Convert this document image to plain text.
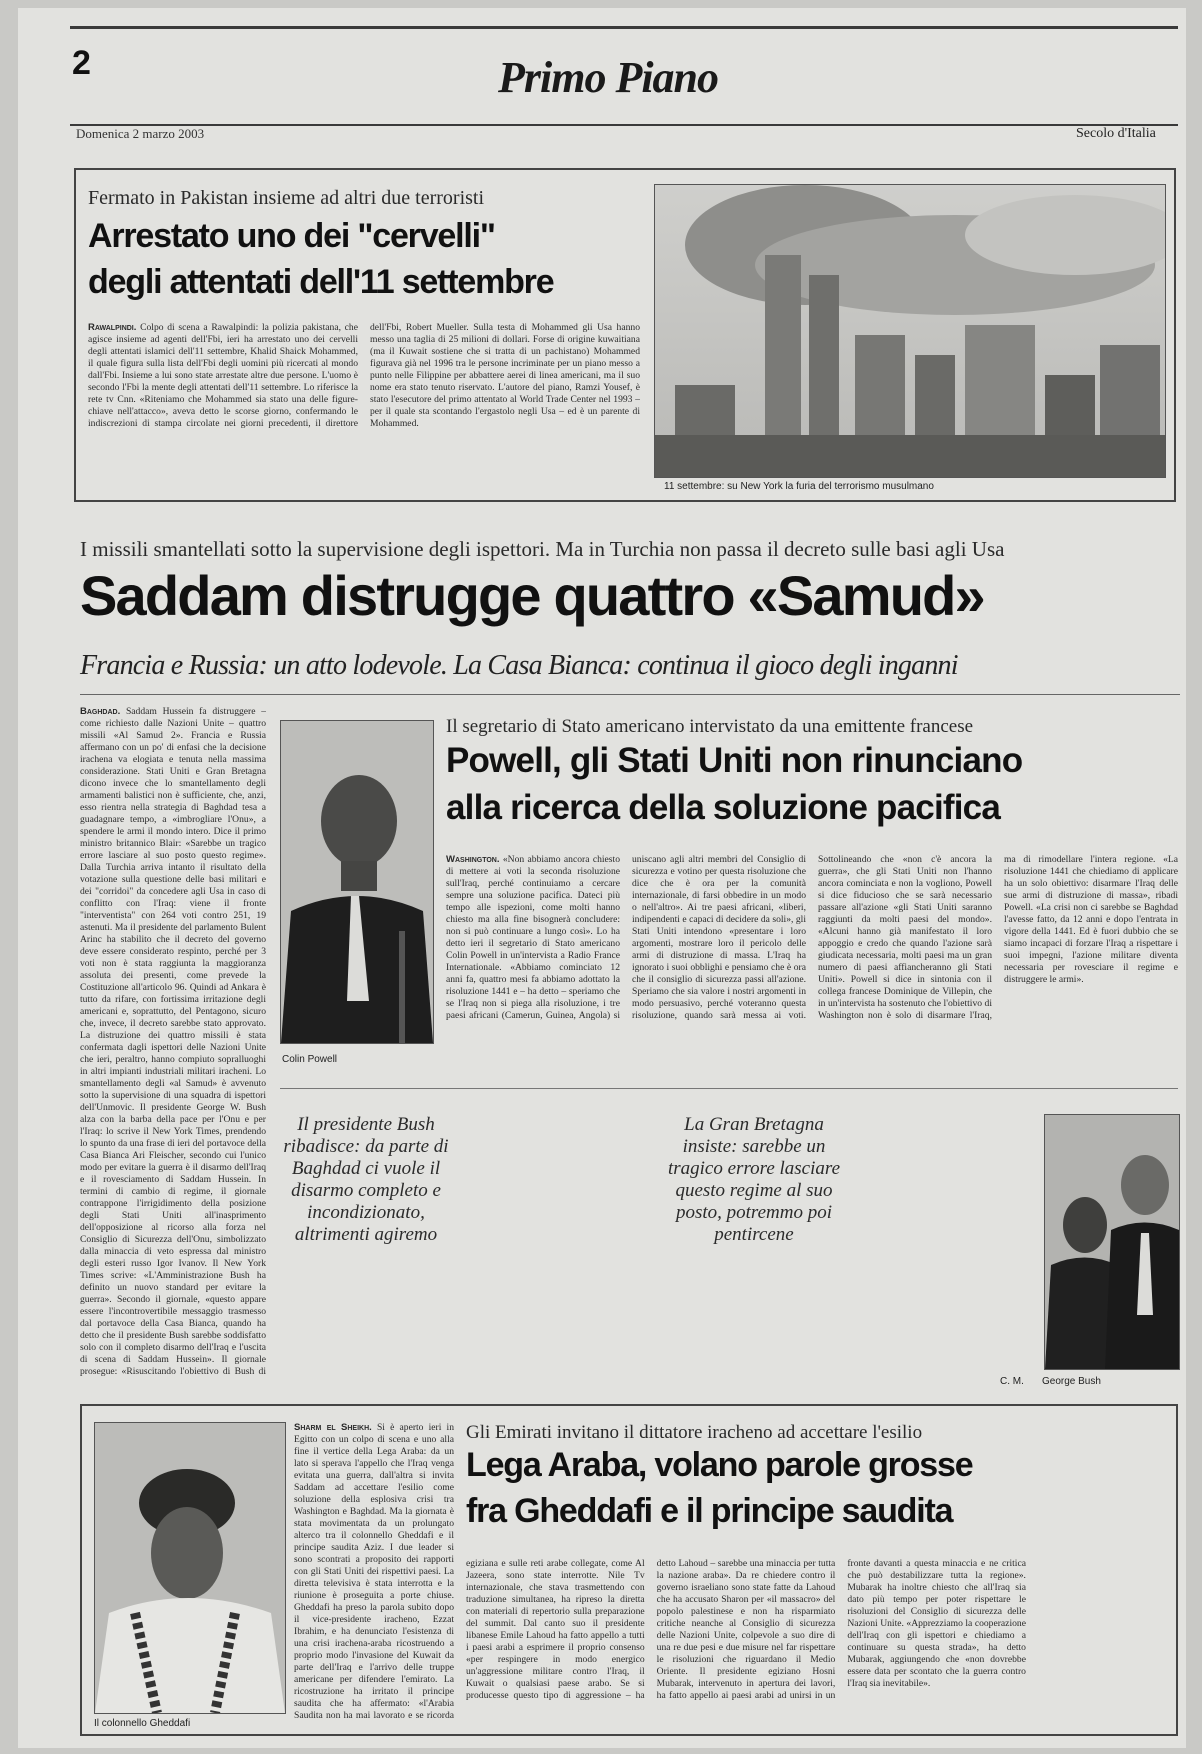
2	Primo Piano
Domenica 2 marzo 2003	Secolo d'Italia
Fermato in Pakistan insieme ad altri due terroristi
Arrestato uno dei "cervelli"
degli attentati dell'11 settembre
Rawalpindi. Colpo di scena a Rawalpindi: la polizia pakistana, che agisce insieme ad agenti dell'Fbi, ieri ha arrestato uno dei cervelli degli attentati islamici dell'11 settembre, Khalid Shaick Mohammed, il quale figura sulla lista dell'Fbi degli uomini più ricercati al mondo dall'Fbi. Insieme a lui sono state arrestate altre due persone. L'uomo è secondo l'Fbi la mente degli attentati dell'11 settembre. Lo riferisce la rete tv Cnn. «Riteniamo che Mohammed sia stato una delle figure-chiave nell'attacco», aveva detto le scorse giorno, confermando le indiscrezioni di stampa circolate nei giorni precedenti, il direttore dell'Fbi, Robert Mueller. Sulla testa di Mohammed gli Usa hanno messo una taglia di 25 milioni di dollari. Forse di origine kuwaitiana (ma il Kuwait sostiene che si tratta di un pachistano) Mohammed figurava già nel 1996 tra le persone incriminate per un piano messo a punto nelle Filippine per abbattere aerei di linea americani, ma il suo nome era stato tenuto riservato. L'autore del piano, Ramzi Yousef, è stato l'esecutore del primo attentato al World Trade Center nel 1993 – per il quale sta scontando l'ergastolo negli Usa – ed è un parente di Mohammed.
11 settembre: su New York la furia del terrorismo musulmano
I missili smantellati sotto la supervisione degli ispettori. Ma in Turchia non passa il decreto sulle basi agli Usa
Saddam distrugge quattro «Samud»
Francia e Russia: un atto lodevole. La Casa Bianca: continua il gioco degli inganni
Baghdad. Saddam Hussein fa distruggere – come richiesto dalle Nazioni Unite – quattro missili «Al Samud 2». Francia e Russia affermano con un po' di enfasi che la decisione irachena va elogiata e tenuta nella massima considerazione. Stati Uniti e Gran Bretagna dicono invece che lo smantellamento degli armamenti balistici non è sufficiente, che, anzi, esso rientra nella strategia di Baghdad tesa a guadagnare tempo, a «imbrogliare l'Onu», a spendere le armi il mondo intero. Dice il primo ministro britannico Blair: «Sarebbe un tragico errore lasciare al suo posto questo regime». Dalla Turchia arriva intanto il risultato della votazione sulla questione delle basi militari e dei "corridoi" da concedere agli Usa in caso di conflitto con l'Iraq: viene il fronte "interventista" con 264 voti contro 251, 19 astenuti. Ma il presidente del parlamento Bulent Arinc ha stabilito che il decreto del governo deve essere considerato respinto, perché per 3 voti non è stata raggiunta la maggioranza assoluta dei presenti, come prevede la Costituzione all'articolo 96. Quindi ad Ankara è tutto da rifare, con fortissima irritazione degli americani e, soprattutto, del Pentagono, sicuro che, invece, il decreto sarebbe stato approvato. La distruzione dei quattro missili è stata confermata dagli ispettori delle Nazioni Unite che ieri, peraltro, hanno compiuto sopralluoghi in altri impianti industriali militari iracheni. Lo smantellamento degli «al Samud» è avvenuto sotto la supervisione di una squadra di ispettori dell'Unmovic. Il presidente George W. Bush alza con la barba della pace per l'Onu e per l'Iraq: lo scrive il New York Times, prendendo lo spunto da una frase di ieri del portavoce della Casa Bianca Ari Fleischer, secondo cui l'unico modo per evitare la guerra è il disarmo dell'Iraq e il rovesciamento di Saddam Hussein. In termini di cambio di regime, il giornale contrappone l'irrigidimento della posizione degli Stati Uniti all'inasprimento dell'opposizione al ricorso alla forza nel Consiglio di Sicurezza dell'Onu, simbolizzato dalla minaccia di veto espressa dal ministro degli esteri russo Igor Ivanov. Il New York Times scrive: «L'Amministrazione Bush ha definito un nuovo standard per evitare la guerra». Secondo il giornale, «questo appare essere l'incontrovertibile messaggio trasmesso dal portavoce della Casa Bianca, quando ha detto che il presidente Bush sarebbe soddisfatto solo con il completo disarmo dell'Iraq e l'uscita di scena di Saddam Hussein». Il giornale prosegue: «Risuscitando l'obiettivo di Bush di
Colin Powell
Il segretario di Stato americano intervistato da una emittente francese
Powell, gli Stati Uniti non rinunciano
alla ricerca della soluzione pacifica
Washington. «Non abbiamo ancora chiesto di mettere ai voti la seconda risoluzione sull'Iraq, perché continuiamo a cercare sempre una soluzione pacifica. Dateci più tempo alle ispezioni, come molti hanno chiesto ma alla fine bisognerà concludere: non si può continuare a lungo così». Lo ha detto ieri il segretario di Stato americano Colin Powell in un'intervista a Radio France Internationale. «Abbiamo cominciato 12 anni fa, quattro mesi fa abbiamo adottato la risoluzione 1441 e – ha detto – speriamo che se l'Iraq non si piega alla risoluzione, i tre paesi africani (Camerun, Guinea, Angola) si uniscano agli altri membri del Consiglio di sicurezza e votino per questa risoluzione che dice che è ora per la comunità internazionale, di farsi obbedire in un modo o nell'altro». Ai tre paesi africani, «liberi, indipendenti e capaci di decidere da soli», gli Stati Uniti intendono «presentare i loro argomenti, mostrare loro il pericolo delle armi di distruzione di massa. L'Iraq ha ignorato i suoi obblighi e pensiamo che è ora che il consiglio di sicurezza passi all'azione. Speriamo che sia valore i nostri argomenti in modo persuasivo, perché voteranno questa risoluzione, quando sarà messa ai voti. Sottolineando che «non c'è ancora la guerra», che gli Stati Uniti non l'hanno ancora cominciata e non la vogliono, Powell si dice fiducioso che se sarà necessario passare all'azione «gli Stati Uniti saranno raggiunti da molti paesi del mondo». «Alcuni hanno già manifestato il loro appoggio e credo che quando l'azione sarà giudicata necessaria, molti paesi ma un gran numero di paesi affiancheranno gli Stati Uniti». Powell si dice in sintonia con il collega francese Dominique de Villepin, che in un'intervista ha sostenuto che l'obiettivo di Washington non è solo di disarmare l'Iraq, ma di rimodellare l'intera regione. «La risoluzione 1441 che chiediamo di applicare ha un solo obiettivo: disarmare l'Iraq delle sue armi di distruzione di massa», ribadì Powell. «La crisi non ci sarebbe se Baghdad l'avesse fatto, da 12 anni e dopo l'entrata in vigore della 1441. Ed è fuori dubbio che se siamo incapaci di forzare l'Iraq a rispettare i suoi impegni, l'azione militare diventa necessaria per rovesciare il regime e distruggere le armi».
Il presidente Bush ribadisce: da parte di Baghdad ci vuole il disarmo completo e incondizionato, altrimenti agiremo
La Gran Bretagna insiste: sarebbe un tragico errore lasciare questo regime al suo posto, potremmo poi pentircene
C. M. George Bush
Il colonnello Gheddafi
Sharm el Sheikh. Si è aperto ieri in Egitto con un colpo di scena e uno alla fine il vertice della Lega Araba: da un lato si sperava l'appello che l'Iraq venga evitata una guerra, dall'altra si invita Saddam ad accettare l'esilio come soluzione della esplosiva crisi tra Washington e Baghdad. Ma la giornata è stata movimentata da un prolungato alterco tra il colonnello Gheddafi e il principe saudita Aziz. I due leader si sono scontrati a proposito dei rapporti con gli Stati Uniti dei rispettivi paesi. La diretta televisiva è stata interrotta e la riunione è proseguita a porte chiuse. Gheddafi ha preso la parola subito dopo il vice-presidente iracheno, Ezzat Ibrahim, e ha denunciato l'esistenza di una crisi irachena-araba ricostruendo a proprio modo l'invasione del Kuwait da parte dell'Iraq e l'arrivo delle truppe americane per difendere l'emirato. La ricostruzione ha irritato il principe saudita che ha affermato: «l'Arabia Saudita non ha mai lavorato e se ricorda
Gli Emirati invitano il dittatore iracheno ad accettare l'esilio
Lega Araba, volano parole grosse
fra Gheddafi e il principe saudita
egiziana e sulle reti arabe collegate, come Al Jazeera, sono state interrotte. Nile Tv internazionale, che stava trasmettendo con traduzione simultanea, ha ripreso la diretta con materiali di repertorio sulla preparazione del summit. Dal canto suo il presidente libanese Emile Lahoud ha fatto appello a tutti i paesi arabi a esprimere il proprio consenso «per respingere in modo energico un'aggressione militare contro l'Iraq, il Kuwait o qualsiasi paese arabo. Se si producesse questo tipo di aggressione – ha detto Lahoud – sarebbe una minaccia per tutta la nazione araba». Da re chiedere contro il governo israeliano sono state fatte da Lahoud che ha accusato Sharon per «il massacro» del popolo palestinese e non ha risparmiato critiche neanche al Consiglio di sicurezza delle Nazioni Unite, colpevole a suo dire di una re due pesi e due misure nel far rispettare le risoluzioni che riguardano il Medio Oriente. Il presidente egiziano Hosni Mubarak, intervenuto in apertura dei lavori, ha fatto appello ai paesi arabi ad unirsi in un fronte davanti a questa minaccia e ne critica che può destabilizzare tutta la regione». Mubarak ha inoltre chiesto che all'Iraq sia dato più tempo per poter rispettare le risoluzioni del Consiglio di sicurezza delle Nazioni Unite. «Apprezziamo la cooperazione dell'Iraq con gli ispettori e chiediamo a continuare su questa strada», ha detto Mubarak, aggiungendo che «non dovrebbe essere data per scontato che la guerra contro l'Iraq sia inevitabile».
